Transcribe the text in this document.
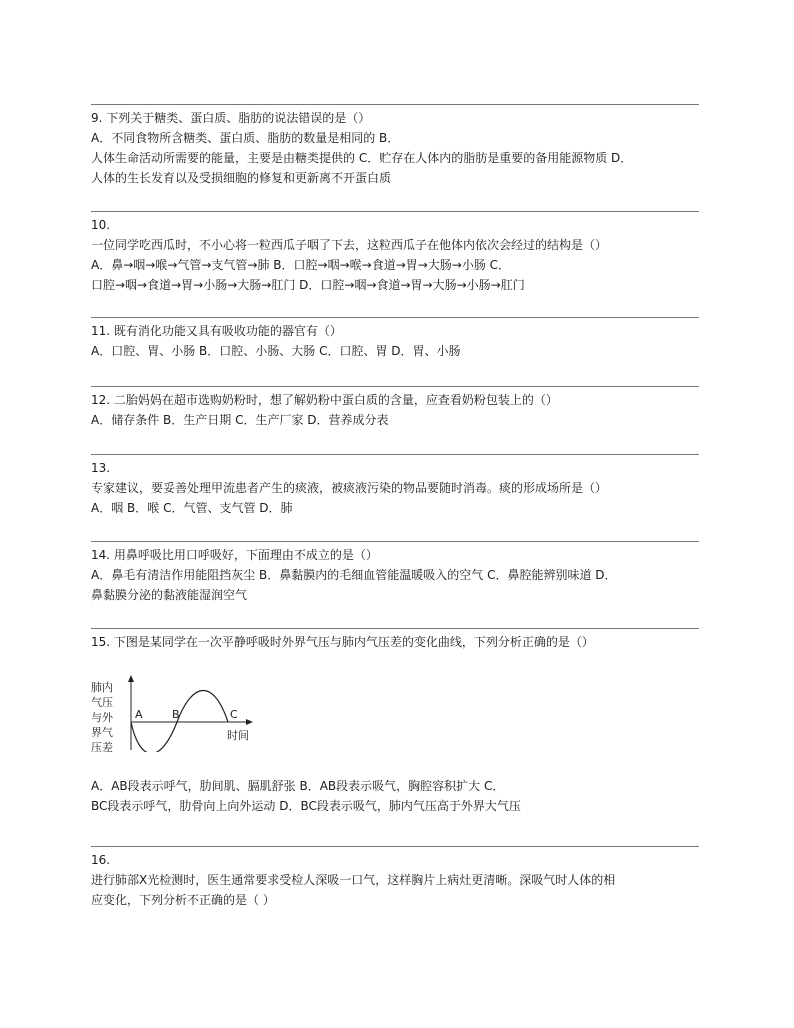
9. 下列关于糖类、蛋白质、脂肪的说法错误的是（）
A．不同食物所含糖类、蛋白质、脂肪的数量是相同的 B．
人体生命活动所需要的能量，主要是由糖类提供的 C．贮存在人体内的脂肪是重要的备用能源物质 D．
人体的生长发育以及受损细胞的修复和更新离不开蛋白质
10.
一位同学吃西瓜时，不小心将一粒西瓜子咽了下去，这粒西瓜子在他体内依次会经过的结构是（）
A．鼻→咽→喉→气管→支气管→肺 B．口腔→咽→喉→食道→胃→大肠→小肠 C．
口腔→咽→食道→胃→小肠→大肠→肛门 D．口腔→咽→食道→胃→大肠→小肠→肛门
11. 既有消化功能又具有吸收功能的器官有（）
A．口腔、胃、小肠 B．口腔、小肠、大肠 C．口腔、胃 D．胃、小肠
12. 二胎妈妈在超市选购奶粉时，想了解奶粉中蛋白质的含量，应查看奶粉包装上的（）
A．储存条件 B．生产日期 C．生产厂家 D．营养成分表
13.
专家建议，要妥善处理甲流患者产生的痰液，被痰液污染的物品要随时消毒。痰的形成场所是（）
A．咽 B．喉 C．气管、支气管 D．肺
14. 用鼻呼吸比用口呼吸好，下面理由不成立的是（）
A．鼻毛有清洁作用能阻挡灰尘 B．鼻黏膜内的毛细血管能温暖吸入的空气 C．鼻腔能辨别味道 D．
鼻黏膜分泌的黏液能湿润空气
15. 下图是某同学在一次平静呼吸时外界气压与肺内气压差的变化曲线，下列分析正确的是（）
肺内
气压
与外
界气
压差
A	B	C
时间
A．AB段表示呼气，肋间肌、膈肌舒张 B．AB段表示吸气，胸腔容积扩大 C．
BC段表示呼气，肋骨向上向外运动 D．BC段表示吸气，肺内气压高于外界大气压
16.
进行肺部X光检测时，医生通常要求受检人深吸一口气，这样胸片上病灶更清晰。深吸气时人体的相
应变化，下列分析不正确的是（ ）
